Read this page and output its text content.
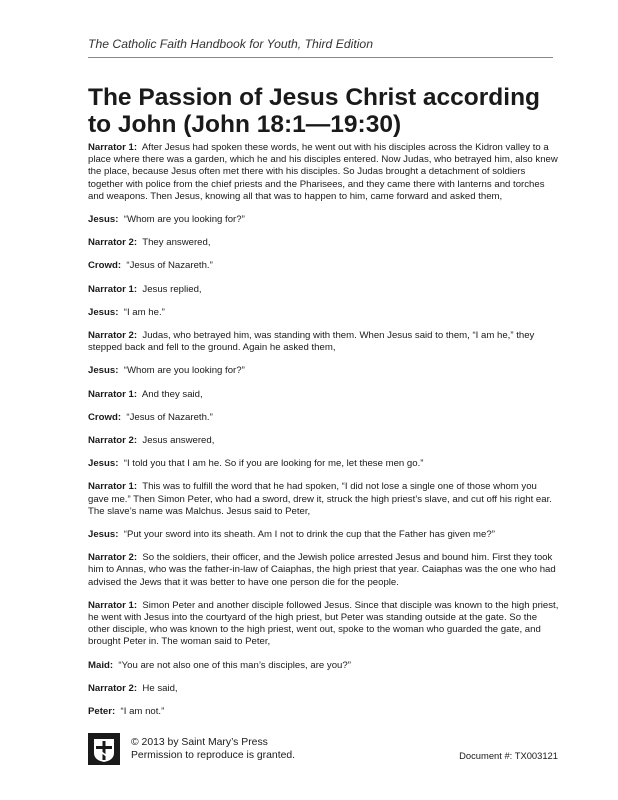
The Catholic Faith Handbook for Youth, Third Edition
The Passion of Jesus Christ according to John (John 18:1—19:30)

Narrator 1: After Jesus had spoken these words, he went out with his disciples across the Kidron valley to a place where there was a garden, which he and his disciples entered. Now Judas, who betrayed him, also knew the place, because Jesus often met there with his disciples. So Judas brought a detachment of soldiers together with police from the chief priests and the Pharisees, and they came there with lanterns and torches and weapons. Then Jesus, knowing all that was to happen to him, came forward and asked them,

Jesus: “Whom are you looking for?”

Narrator 2: They answered,

Crowd: “Jesus of Nazareth.”

Narrator 1: Jesus replied,

Jesus: “I am he.”

Narrator 2: Judas, who betrayed him, was standing with them. When Jesus said to them, “I am he,” they stepped back and fell to the ground. Again he asked them,

Jesus: “Whom are you looking for?”

Narrator 1: And they said,

Crowd: “Jesus of Nazareth.”

Narrator 2: Jesus answered,

Jesus: “I told you that I am he. So if you are looking for me, let these men go.”

Narrator 1: This was to fulfill the word that he had spoken, “I did not lose a single one of those whom you gave me.” Then Simon Peter, who had a sword, drew it, struck the high priest’s slave, and cut off his right ear. The slave’s name was Malchus. Jesus said to Peter,

Jesus: “Put your sword into its sheath. Am I not to drink the cup that the Father has given me?”

Narrator 2: So the soldiers, their officer, and the Jewish police arrested Jesus and bound him. First they took him to Annas, who was the father-in-law of Caiaphas, the high priest that year. Caiaphas was the one who had advised the Jews that it was better to have one person die for the people.

Narrator 1: Simon Peter and another disciple followed Jesus. Since that disciple was known to the high priest, he went with Jesus into the courtyard of the high priest, but Peter was standing outside at the gate. So the other disciple, who was known to the high priest, went out, spoke to the woman who guarded the gate, and brought Peter in. The woman said to Peter,

Maid: “You are not also one of this man’s disciples, are you?”

Narrator 2: He said,

Peter: “I am not.”

© 2013 by Saint Mary’s Press
Permission to reproduce is granted.	Document #: TX003121
